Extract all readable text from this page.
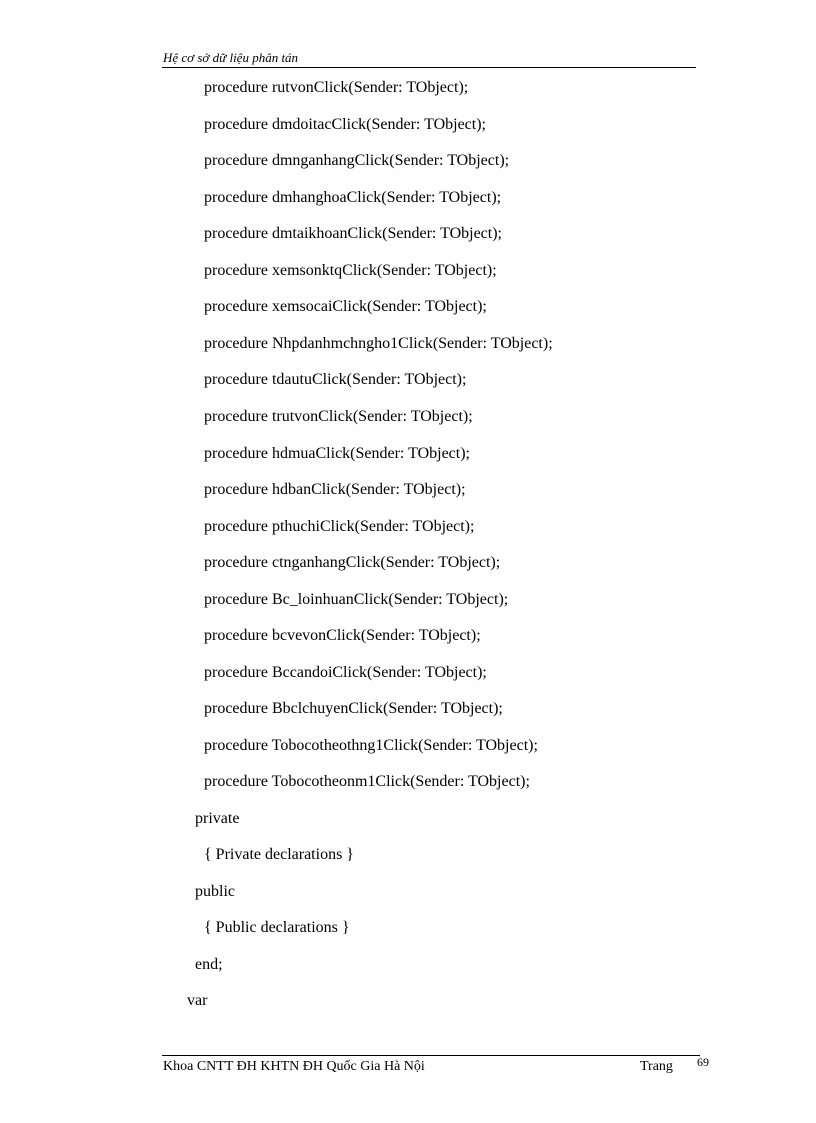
Hệ cơ sở dữ liệu phân tán
procedure rutvonClick(Sender: TObject);
procedure dmdoitacClick(Sender: TObject);
procedure dmnganhangClick(Sender: TObject);
procedure dmhanghoaClick(Sender: TObject);
procedure dmtaikhoanClick(Sender: TObject);
procedure xemsonktqClick(Sender: TObject);
procedure xemsocaiClick(Sender: TObject);
procedure Nhpdanhmchngho1Click(Sender: TObject);
procedure tdautuClick(Sender: TObject);
procedure trutvonClick(Sender: TObject);
procedure hdmuaClick(Sender: TObject);
procedure hdbanClick(Sender: TObject);
procedure pthuchiClick(Sender: TObject);
procedure ctnganhangClick(Sender: TObject);
procedure Bc_loinhuanClick(Sender: TObject);
procedure bcvevonClick(Sender: TObject);
procedure BccandoiClick(Sender: TObject);
procedure BbclchuyenClick(Sender: TObject);
procedure Tobocotheothng1Click(Sender: TObject);
procedure Tobocotheonm1Click(Sender: TObject);
private
{ Private declarations }
public
{ Public declarations }
end;
var
Khoa CNTT ĐH KHTN ĐH Quốc Gia Hà Nội	Trang 69
